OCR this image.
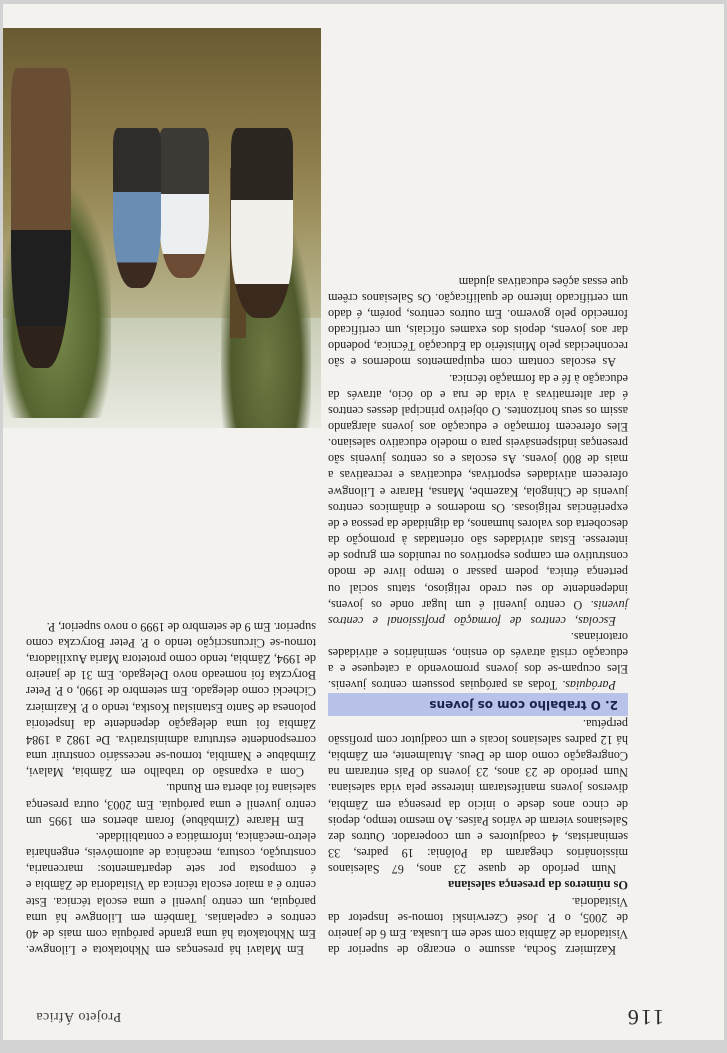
116
Projeto África

Kazimierz Socha, assume o encargo de superior da Visitadoria de Zâmbia com sede em Lusaka. Em 6 de janeiro de 2005, o P. José Czerwinski tomou-se Inspetor da Visitadoria.

Os números da presença salesiana

Num período de quase 23 anos, 67 Salesianos missionários chegaram da Polônia: 19 padres, 33 seminaristas, 4 coadjutores e um cooperador. Outros dez Salesianos vieram de vários Países. Ao mesmo tempo, depois de cinco anos desde o início da presença em Zâmbia, diversos jovens manifestaram interesse pela vida salesiana. Num período de 23 anos, 23 jovens do País entraram na Congregação como dom de Deus. Atualmente, em Zâmbia, há 12 padres salesianos locais e um coadjutor com profissão perpétua.

2. O trabalho com os jovens

Paróquias. Todas as paróquias possuem centros juvenis. Eles ocupam-se dos jovens promovendo a catequese e a educação cristã através do ensino, seminários e atividades oratorianas.

Escolas, centros de formação profissional e centros juvenis. O centro juvenil é um lugar onde os jovens, independente do seu credo religioso, status social ou pertença étnica, podem passar o tempo livre de modo construtivo em campos esportivos ou reunidos em grupos de interesse. Estas atividades são orientadas à promoção da descoberta dos valores humanos, da dignidade da pessoa e de experiências religiosas. Os modernos e dinâmicos centros juvenis de Chingola, Kazembe, Mansa, Harare e Lilongwe oferecem atividades esportivas, educativas e recreativas a mais de 800 jovens. As escolas e os centros juvenis são presenças indispensáveis para o modelo educativo salesiano. Eles oferecem formação e educação aos jovens alargando assim os seus horizontes. O objetivo principal desses centros é dar alternativas à vida de rua e do ócio, através da educação à fé e da formação técnica.

As escolas contam com equipamentos modernos e são reconhecidas pelo Ministério da Educação Técnica, podendo dar aos jovens, depois dos exames oficiais, um certificado fornecido pelo governo. Em outros centros, porém, é dado um certificado interno de qualificação. Os Salesianos crêem que essas ações educativas ajudam

Em Malavi há presenças em Nkhotakota e Lilongwe. Em Nkhotakota há uma grande paróquia com mais de 40 centros e capelanias. Também em Lilongwe há uma paróquia, um centro juvenil e uma escola técnica. Este centro é a maior escola técnica da Visitadoria de Zâmbia e é composta por sete departamentos: marcenaria, construção, costura, mecânica de automóveis, engenharia eletro-mecânica, informática e contabilidade.

Em Harare (Zimbábue) foram abertos em 1995 um centro juvenil e uma paróquia. Em 2003, outra presença salesiana foi aberta em Rundu.

Com a expansão do trabalho em Zâmbia, Malavi, Zimbábue e Namíbia, tornou-se necessário construir uma correspondente estrutura administrativa. De 1982 a 1984 Zâmbia foi uma delegação dependente da Inspetoria polonesa de Santo Estanislau Kostka, tendo o P. Kazimierz Cichecki como delegado. Em setembro de 1990, o P. Peter Boryczka foi nomeado novo Delegado. Em 31 de janeiro de 1994, Zâmbia, tendo como protetora Maria Auxiliadora, tornou-se Circunscrição tendo o P. Peter Boryczka como superior. Em 9 de setembro de 1999 o novo superior, P.
